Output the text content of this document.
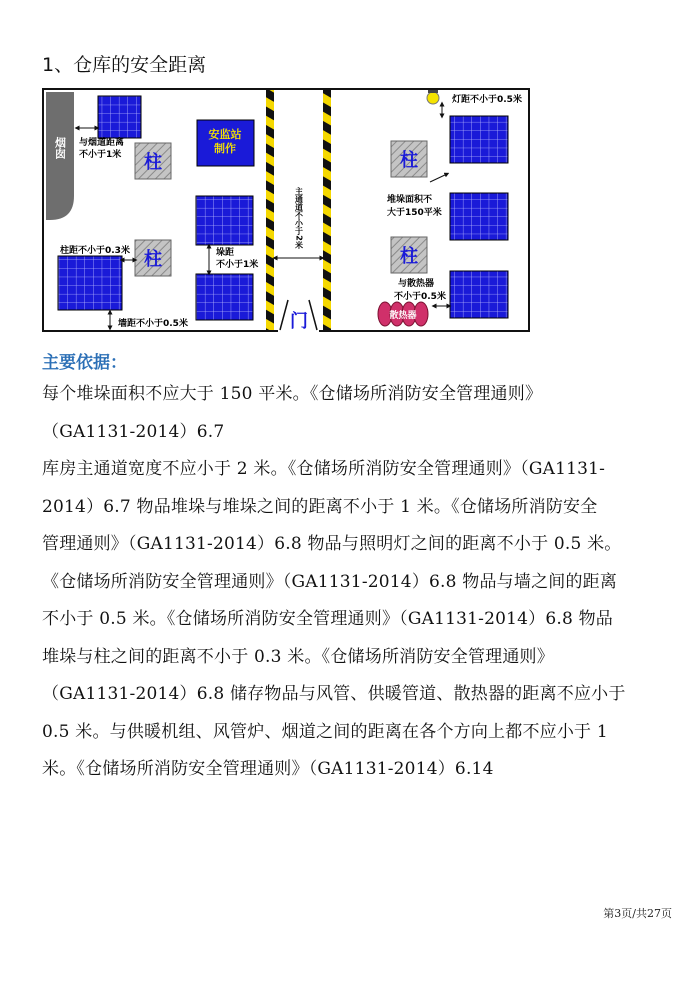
1、仓库的安全距离
烟囱
安监站
制作
柱
柱
与烟道距离
不小于1米
柱距不小于0.3米	垛距
不小于1米
墙距不小于0.5米
主通道不小于2米
门
灯距不小于0.5米
柱
柱
堆垛面积不
大于150平米
与散热器
不小于0.5米
散热器
主要依据：
每个堆垛面积不应大于 150 平米。《仓储场所消防安全管理通则》
（GA1131-2014）6.7
库房主通道宽度不应小于 2 米。《仓储场所消防安全管理通则》（GA1131-
2014）6.7 物品堆垛与堆垛之间的距离不小于 1 米。《仓储场所消防安全
管理通则》（GA1131-2014）6.8 物品与照明灯之间的距离不小于 0.5 米。
《仓储场所消防安全管理通则》（GA1131-2014）6.8 物品与墙之间的距离
不小于 0.5 米。《仓储场所消防安全管理通则》（GA1131-2014）6.8 物品
堆垛与柱之间的距离不小于 0.3 米。《仓储场所消防安全管理通则》
（GA1131-2014）6.8 储存物品与风管、供暖管道、散热器的距离不应小于
0.5 米。与供暖机组、风管炉、烟道之间的距离在各个方向上都不应小于 1
米。《仓储场所消防安全管理通则》（GA1131-2014）6.14
第3页/共27页
